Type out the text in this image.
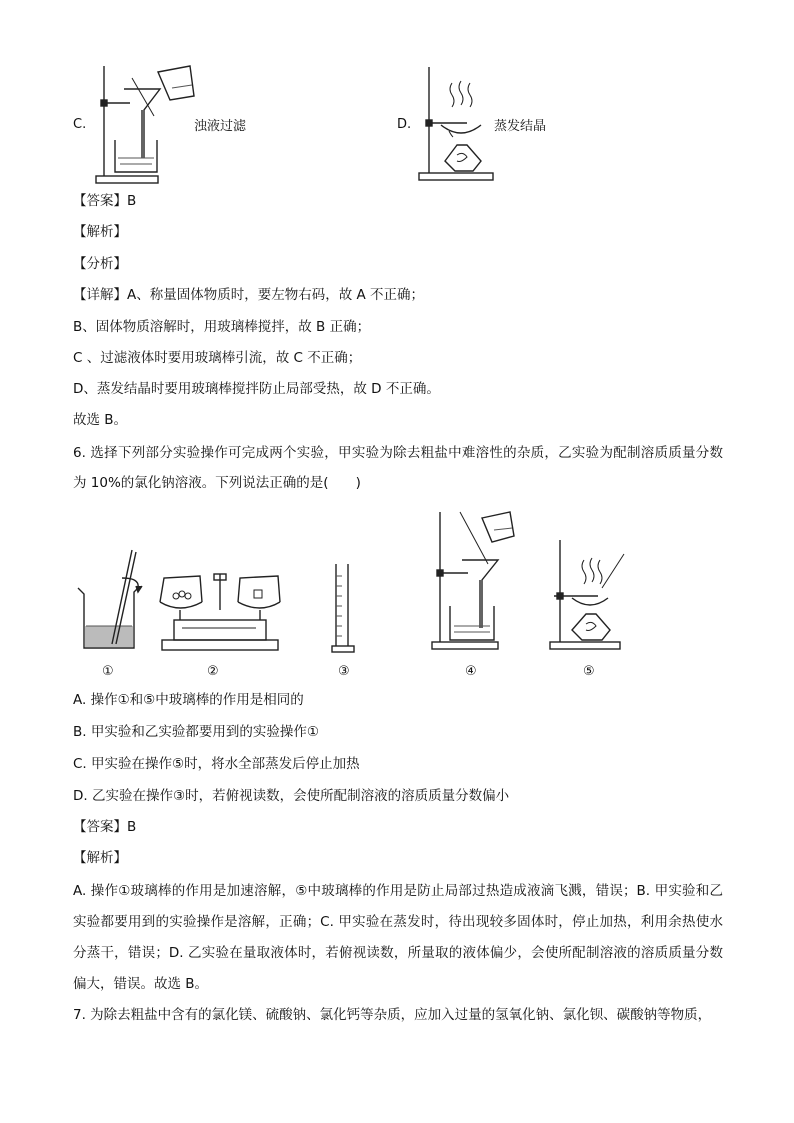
C.	浊液过滤	D.	蒸发结晶
【答案】B
【解析】
【分析】
【详解】A、称量固体物质时，要左物右码，故 A 不正确；
B、固体物质溶解时，用玻璃棒搅拌，故 B 正确；
C 、过滤液体时要用玻璃棒引流，故 C 不正确；
D、蒸发结晶时要用玻璃棒搅拌防止局部受热，故 D 不正确。
故选 B。
6. 选择下列部分实验操作可完成两个实验，甲实验为除去粗盐中难溶性的杂质，乙实验为配制溶质质量分数为 10%的氯化钠溶液。下列说法正确的是(　　)
①	②	③	④	⑤
A. 操作①和⑤中玻璃棒的作用是相同的
B. 甲实验和乙实验都要用到的实验操作①
C. 甲实验在操作⑤时，将水全部蒸发后停止加热
D. 乙实验在操作③时，若俯视读数，会使所配制溶液的溶质质量分数偏小
【答案】B
【解析】
A. 操作①玻璃棒的作用是加速溶解，⑤中玻璃棒的作用是防止局部过热造成液滴飞溅，错误；B. 甲实验和乙实验都要用到的实验操作是溶解，正确；C. 甲实验在蒸发时，待出现较多固体时，停止加热，利用余热使水分蒸干，错误；D. 乙实验在量取液体时，若俯视读数，所量取的液体偏少，会使所配制溶液的溶质质量分数偏大，错误。故选 B。
7. 为除去粗盐中含有的氯化镁、硫酸钠、氯化钙等杂质，应加入过量的氢氧化钠、氯化钡、碳酸钠等物质，
